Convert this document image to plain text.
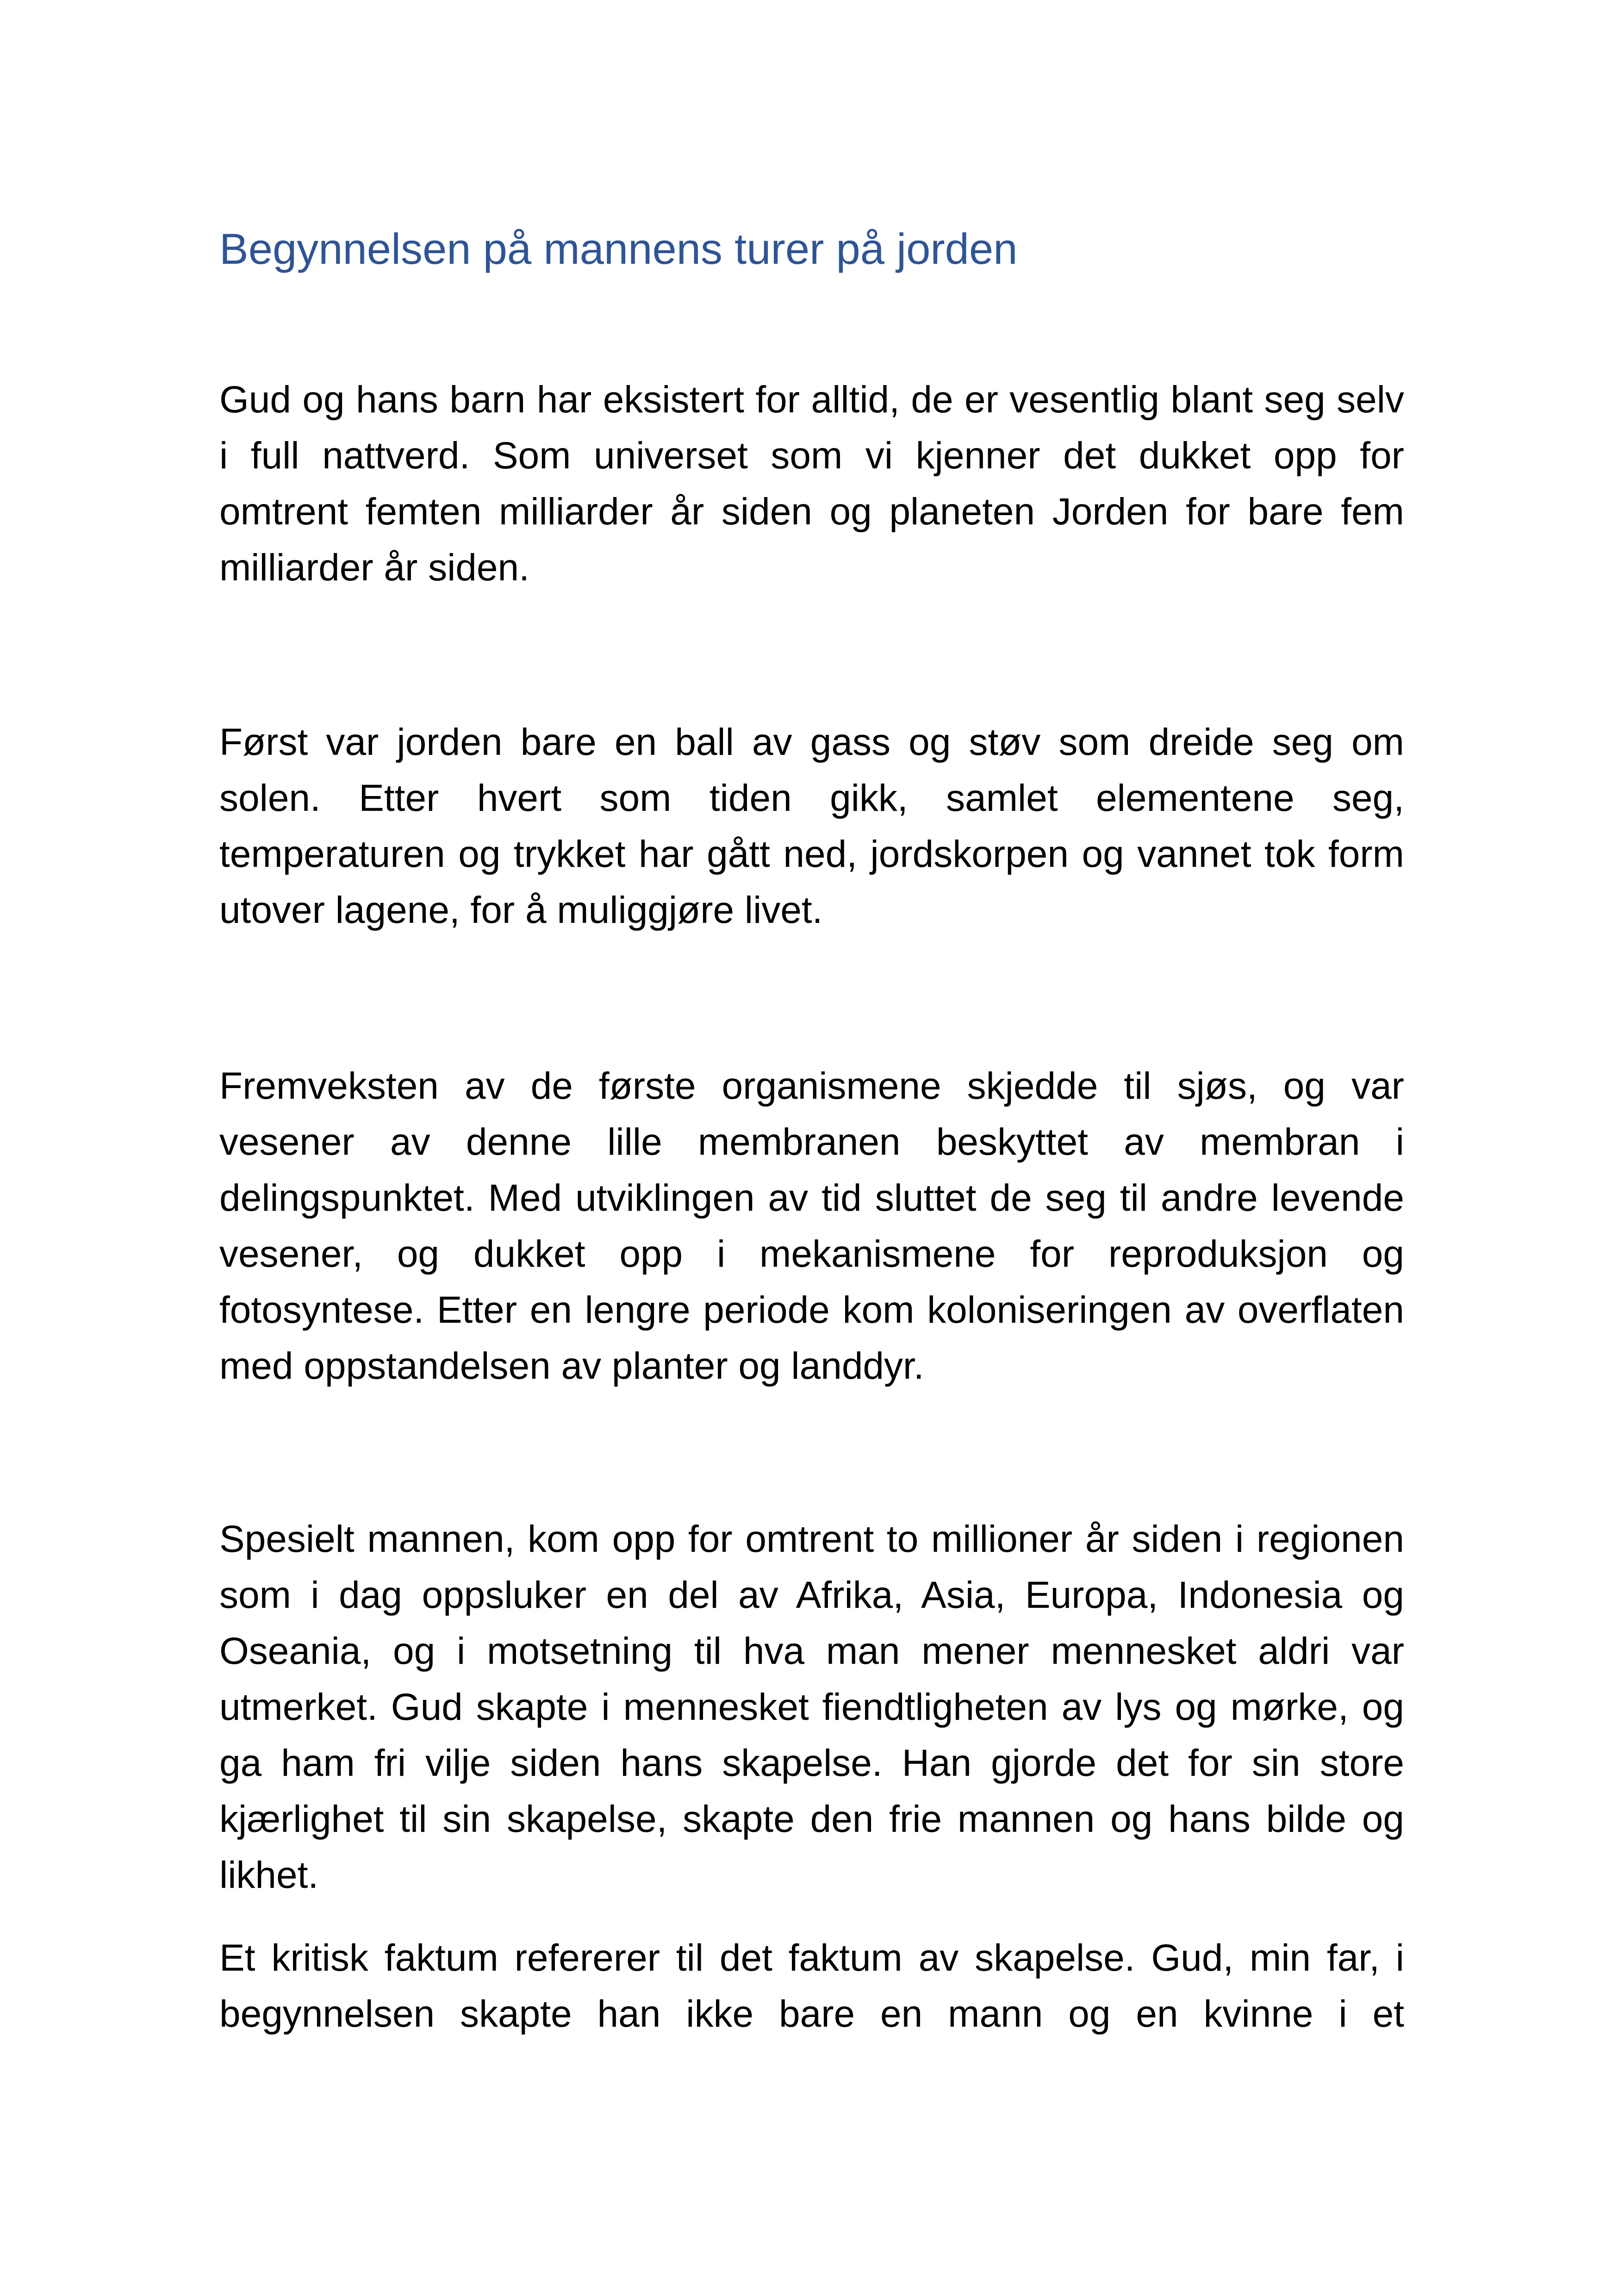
Begynnelsen på mannens turer på jorden

Gud og hans barn har eksistert for alltid, de er vesentlig blant seg selv i full nattverd. Som universet som vi kjenner det dukket opp for omtrent femten milliarder år siden og planeten Jorden for bare fem milliarder år siden.

Først var jorden bare en ball av gass og støv som dreide seg om solen. Etter hvert som tiden gikk, samlet elementene seg, temperaturen og trykket har gått ned, jordskorpen og vannet tok form utover lagene, for å muliggjøre livet.

Fremveksten av de første organismene skjedde til sjøs, og var vesener av denne lille membranen beskyttet av membran i delingspunktet. Med utviklingen av tid sluttet de seg til andre levende vesener, og dukket opp i mekanismene for reproduksjon og fotosyntese. Etter en lengre periode kom koloniseringen av overflaten med oppstandelsen av planter og landdyr.

Spesielt mannen, kom opp for omtrent to millioner år siden i regionen som i dag oppsluker en del av Afrika, Asia, Europa, Indonesia og Oseania, og i motsetning til hva man mener mennesket aldri var utmerket. Gud skapte i mennesket fiendtligheten av lys og mørke, og ga ham fri vilje siden hans skapelse. Han gjorde det for sin store kjærlighet til sin skapelse, skapte den frie mannen og hans bilde og likhet.

Et kritisk faktum refererer til det faktum av skapelse. Gud, min far, i begynnelsen skapte han ikke bare en mann og en kvinne i et
